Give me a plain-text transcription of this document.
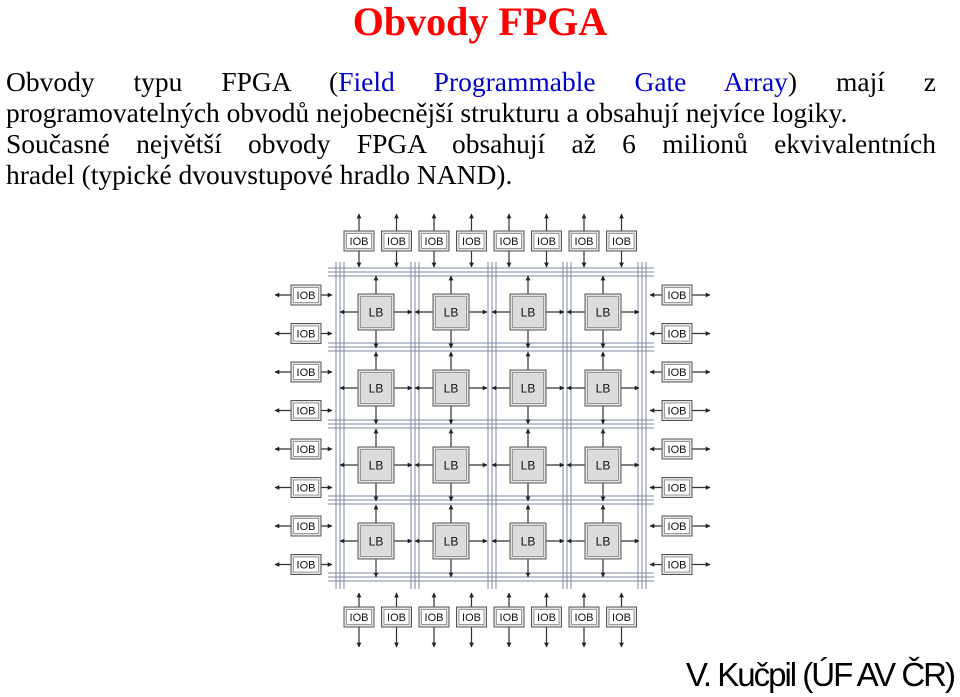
Obvody FPGA
Obvody typu FPGA (Field Programmable Gate Array) mají z
programovatelných obvodů nejobecnější strukturu a obsahují nejvíce logiky.
Současné největší obvody FPGA obsahují až 6 milionů ekvivalentních
hradel (typické dvouvstupové hradlo NAND).
LB	LB	LB	LB
LB	LB	LB	LB
LB	LB	LB	LB
LB	LB	LB	LB
IOB IOB IOB IOB IOB IOB IOB IOB
IOB IOB IOB IOB IOB IOB IOB IOB
IOB
IOB
IOB
IOB
IOB
IOB
IOB
IOB
IOB
IOB
IOB
IOB
IOB
IOB
IOB
IOB
V. Kučpil (ÚF AV ČR)
